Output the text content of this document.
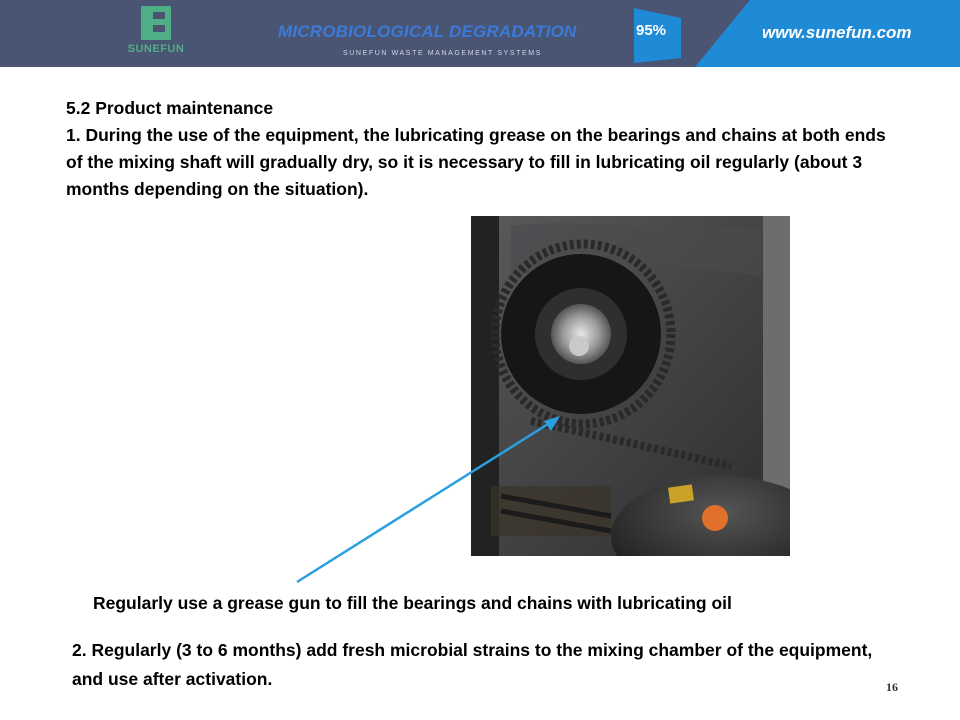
SUNEFUN
MICROBIOLOGICAL DEGRADATION
SUNEFUN WASTE MANAGEMENT SYSTEMS
95%	www.sunefun.com

5.2 Product maintenance

1. During the use of the equipment, the lubricating grease on the bearings and chains at both ends of the mixing shaft will gradually dry, so it is necessary to fill in lubricating oil regularly (about 3 months depending on the situation).

Regularly use a grease gun to fill the bearings and chains with lubricating oil
2. Regularly (3 to 6 months) add fresh microbial strains to the mixing chamber of the equipment, and use after activation.	16
